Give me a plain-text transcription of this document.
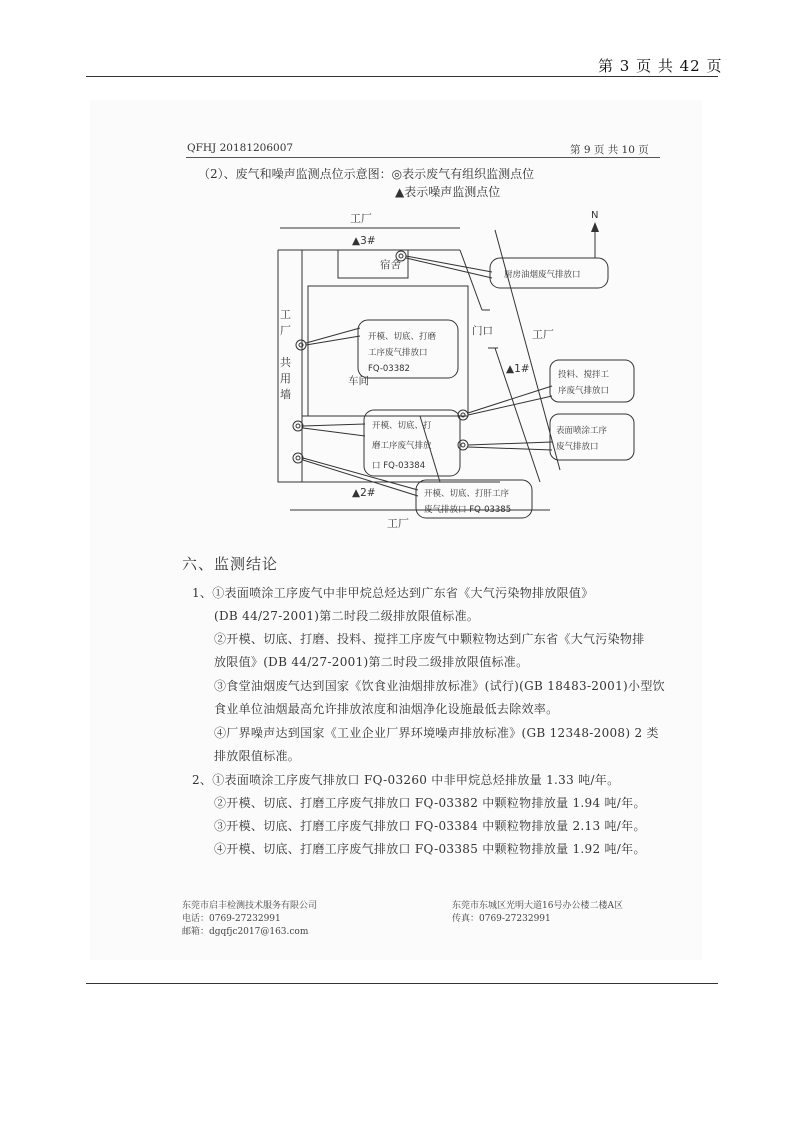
第 3 页 共 42 页
QFHJ 20181206007	第 9 页 共 10 页
（2）、废气和噪声监测点位示意图：◎表示废气有组织监测点位
▲表示噪声监测点位
工厂
工厂
工厂
N
工
厂
共
用
墙
宿舍
车间
门口
▲3#
▲1#
▲2#
厨房油烟废气排放口
开模、切底、打磨
工序废气排放口
FQ-03382
投料、搅拌工
序废气排放口
表面喷涂工序
废气排放口
开模、切底、打
磨工序废气排放
口 FQ-03384
开模、切底、打肝工序
废气排放口 FQ-03385
六、监测结论
1、①表面喷涂工序废气中非甲烷总烃达到广东省《大气污染物排放限值》
(DB 44/27-2001)第二时段二级排放限值标准。
②开模、切底、打磨、投料、搅拌工序废气中颗粒物达到广东省《大气污染物排
放限值》(DB 44/27-2001)第二时段二级排放限值标准。
③食堂油烟废气达到国家《饮食业油烟排放标准》(试行)(GB 18483-2001)小型饮
食业单位油烟最高允许排放浓度和油烟净化设施最低去除效率。
④厂界噪声达到国家《工业企业厂界环境噪声排放标准》(GB 12348-2008) 2 类
排放限值标准。
2、①表面喷涂工序废气排放口 FQ-03260 中非甲烷总烃排放量 1.33 吨/年。
②开模、切底、打磨工序废气排放口 FQ-03382 中颗粒物排放量 1.94 吨/年。
③开模、切底、打磨工序废气排放口 FQ-03384 中颗粒物排放量 2.13 吨/年。
④开模、切底、打磨工序废气排放口 FQ-03385 中颗粒物排放量 1.92 吨/年。
东莞市启丰检测技术服务有限公司
电话：0769-27232991
邮箱：dgqfjc2017@163.com
东莞市东城区光明大道16号办公楼二楼A区
传真：0769-27232991
